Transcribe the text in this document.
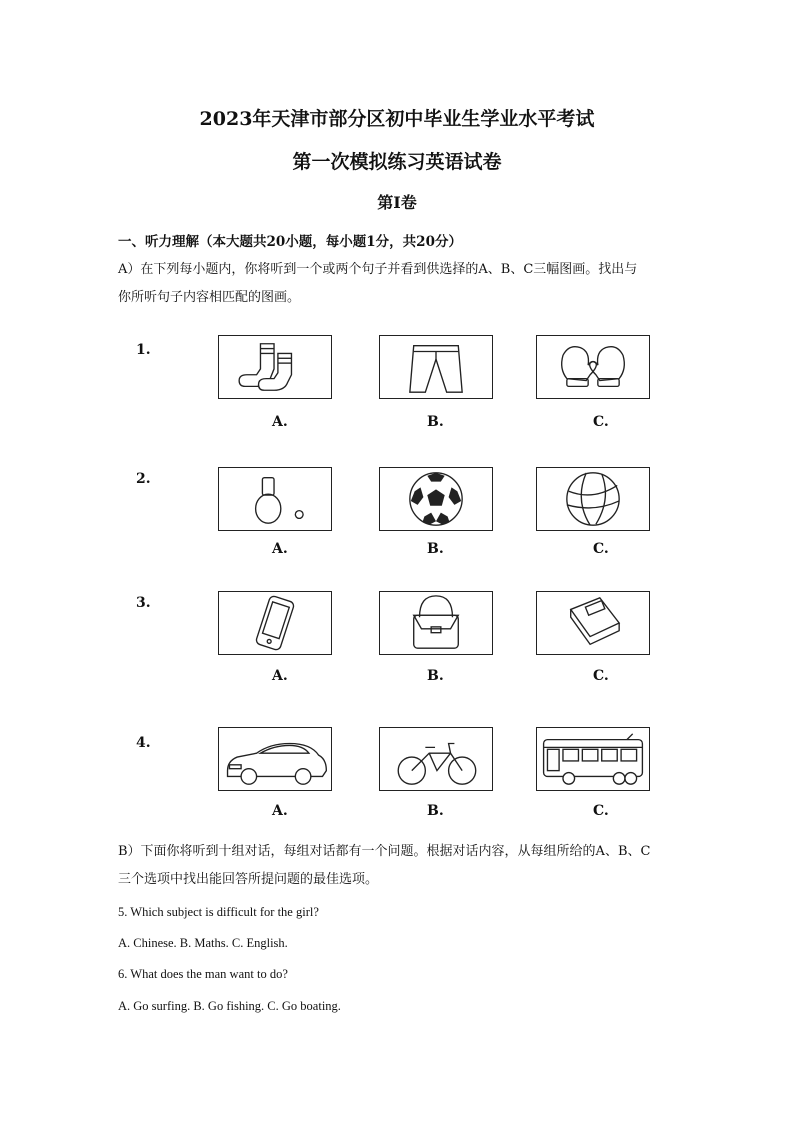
2023年天津市部分区初中毕业生学业水平考试
第一次模拟练习英语试卷
第I卷
一、听力理解（本大题共20小题，每小题1分，共20分）
A）在下列每小题内，你将听到一个或两个句子并看到供选择的A、B、C三幅图画。找出与
你所听句子内容相匹配的图画。
1.
A.	B.	C.
2.
A.	B.	C.
3.
A.	B.	C.
4.
A.	B.	C.
B）下面你将听到十组对话，每组对话都有一个问题。根据对话内容，从每组所给的A、B、C
三个选项中找出能回答所提问题的最佳选项。
5. Which subject is difficult for the girl?
A. Chinese. B. Maths. C. English.
6. What does the man want to do?
A. Go surfing. B. Go fishing. C. Go boating.
